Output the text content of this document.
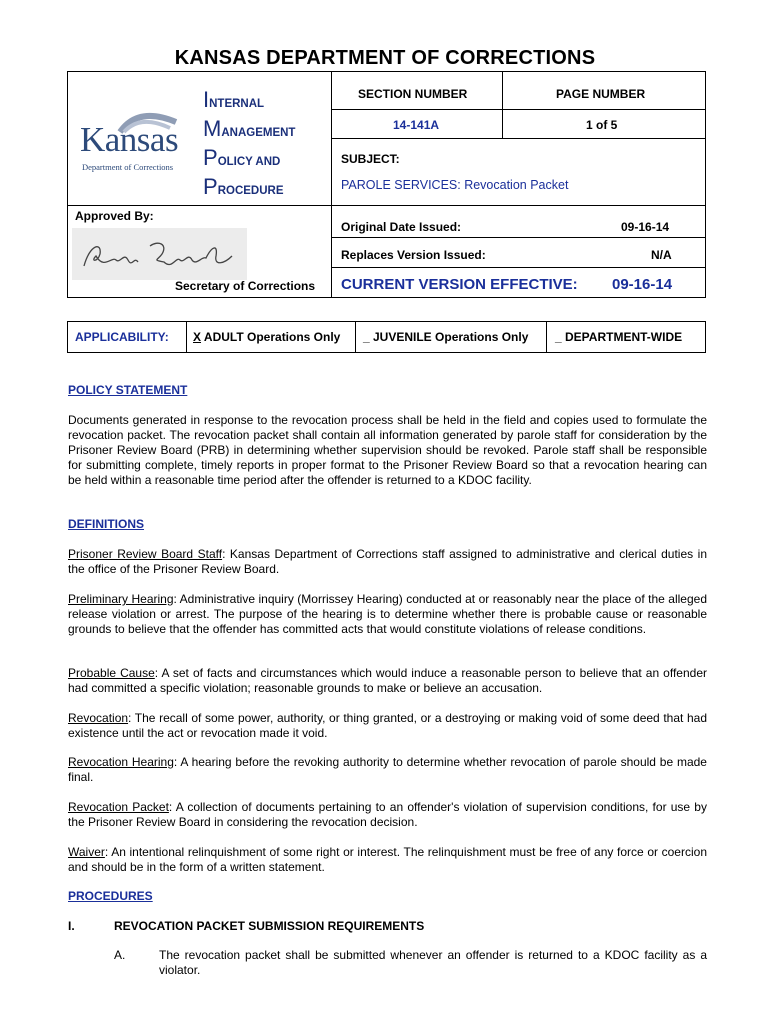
KANSAS DEPARTMENT OF CORRECTIONS
Kansas
Department of Corrections
INTERNAL
MANAGEMENT
POLICY AND
PROCEDURE
SECTION NUMBER	PAGE NUMBER
14-141A	1 of 5
SUBJECT:
PAROLE SERVICES: Revocation Packet
Approved By:
Secretary of Corrections
Original Date Issued:	09-16-14
Replaces Version Issued:	N/A
CURRENT VERSION EFFECTIVE: 09-16-14
APPLICABILITY: X ADULT Operations Only _ JUVENILE Operations Only _ DEPARTMENT-WIDE
POLICY STATEMENT
Documents generated in response to the revocation process shall be held in the field and copies used to formulate the revocation packet. The revocation packet shall contain all information generated by parole staff for consideration by the Prisoner Review Board (PRB) in determining whether supervision should be revoked. Parole staff shall be responsible for submitting complete, timely reports in proper format to the Prisoner Review Board so that a revocation hearing can be held within a reasonable time period after the offender is returned to a KDOC facility.
DEFINITIONS
Prisoner Review Board Staff: Kansas Department of Corrections staff assigned to administrative and clerical duties in the office of the Prisoner Review Board.
Preliminary Hearing: Administrative inquiry (Morrissey Hearing) conducted at or reasonably near the place of the alleged release violation or arrest. The purpose of the hearing is to determine whether there is probable cause or reasonable grounds to believe that the offender has committed acts that would constitute violations of release conditions.
Probable Cause: A set of facts and circumstances which would induce a reasonable person to believe that an offender had committed a specific violation; reasonable grounds to make or believe an accusation.
Revocation: The recall of some power, authority, or thing granted, or a destroying or making void of some deed that had existence until the act or revocation made it void.
Revocation Hearing: A hearing before the revoking authority to determine whether revocation of parole should be made final.
Revocation Packet: A collection of documents pertaining to an offender's violation of supervision conditions, for use by the Prisoner Review Board in considering the revocation decision.
Waiver: An intentional relinquishment of some right or interest. The relinquishment must be free of any force or coercion and should be in the form of a written statement.
PROCEDURES
I.	REVOCATION PACKET SUBMISSION REQUIREMENTS
A.	The revocation packet shall be submitted whenever an offender is returned to a KDOC facility as a violator.
